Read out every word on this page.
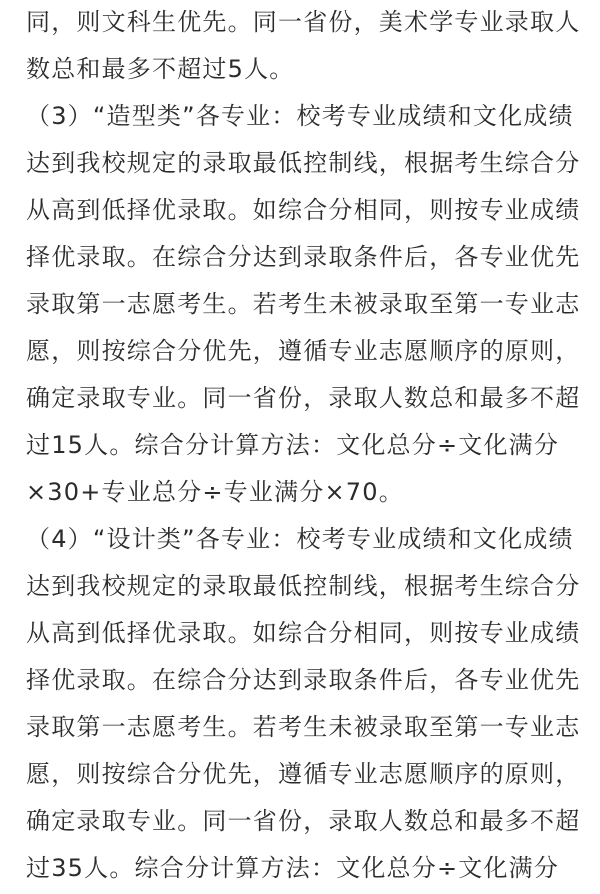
同，则文科生优先。同一省份，美术学专业录取人
数总和最多不超过5人。
（3）“造型类”各专业：校考专业成绩和文化成绩
达到我校规定的录取最低控制线，根据考生综合分
从高到低择优录取。如综合分相同，则按专业成绩
择优录取。在综合分达到录取条件后，各专业优先
录取第一志愿考生。若考生未被录取至第一专业志
愿，则按综合分优先，遵循专业志愿顺序的原则，
确定录取专业。同一省份，录取人数总和最多不超
过15人。综合分计算方法：文化总分÷文化满分
×30+专业总分÷专业满分×70。
（4）“设计类”各专业：校考专业成绩和文化成绩
达到我校规定的录取最低控制线，根据考生综合分
从高到低择优录取。如综合分相同，则按专业成绩
择优录取。在综合分达到录取条件后，各专业优先
录取第一志愿考生。若考生未被录取至第一专业志
愿，则按综合分优先，遵循专业志愿顺序的原则，
确定录取专业。同一省份，录取人数总和最多不超
过35人。综合分计算方法：文化总分÷文化满分
